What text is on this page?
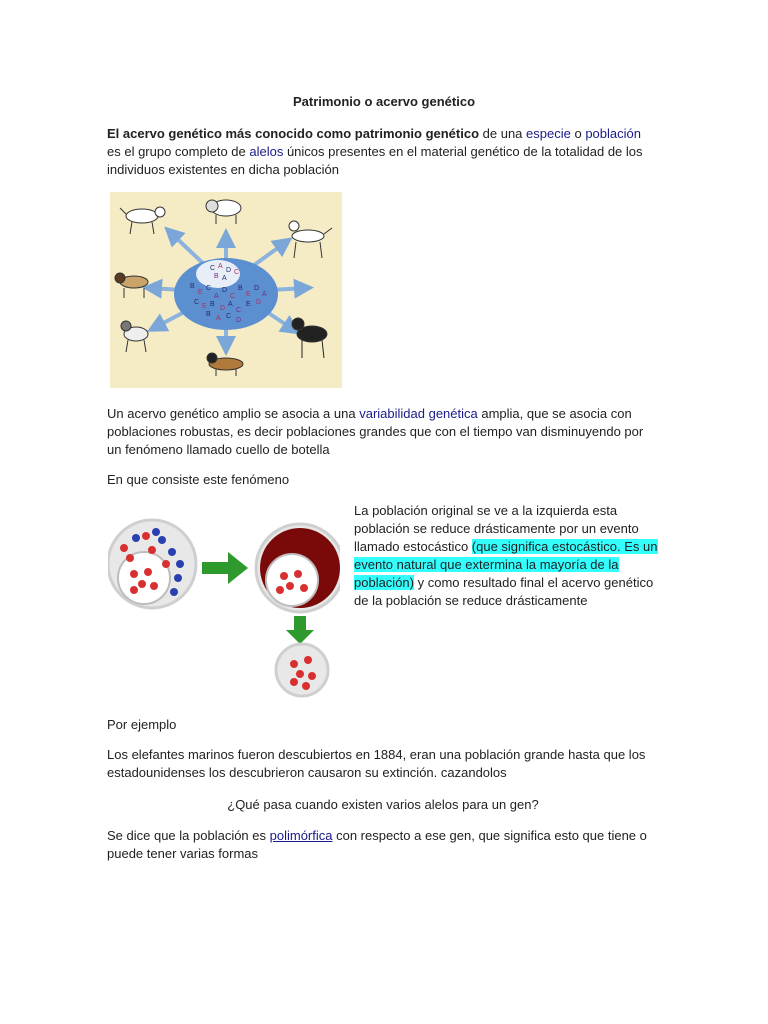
Patrimonio o acervo genético
El acervo genético más conocido como patrimonio genético de una especie o población es el grupo completo de alelos únicos presentes en el material genético de la totalidad de los individuos existentes en dicha población
C A
D
B A
C
B
E
C
A
D
C
B
E
D
A
C
E B
D
A
C
E D
B
A C
D
Un acervo genético amplio se asocia a una variabilidad genética amplia, que se asocia con poblaciones robustas, es decir poblaciones grandes que con el tiempo van disminuyendo por un fenómeno llamado cuello de botella
En que consiste este fenómeno
La población original se ve a la izquierda esta población se reduce drásticamente por un evento llamado estocástico (que significa estocástico. Es un evento natural que extermina la mayoría de la población) y como resultado final el acervo genético de la población se reduce drásticamente
Por ejemplo
Los elefantes marinos fueron descubiertos en 1884, eran una población grande hasta que los estadounidenses los descubrieron causaron su extinción. cazandolos
¿Qué pasa cuando existen varios alelos para un gen?
Se dice que la población es polimórfica con respecto a ese gen, que significa esto que tiene o puede tener varias formas
